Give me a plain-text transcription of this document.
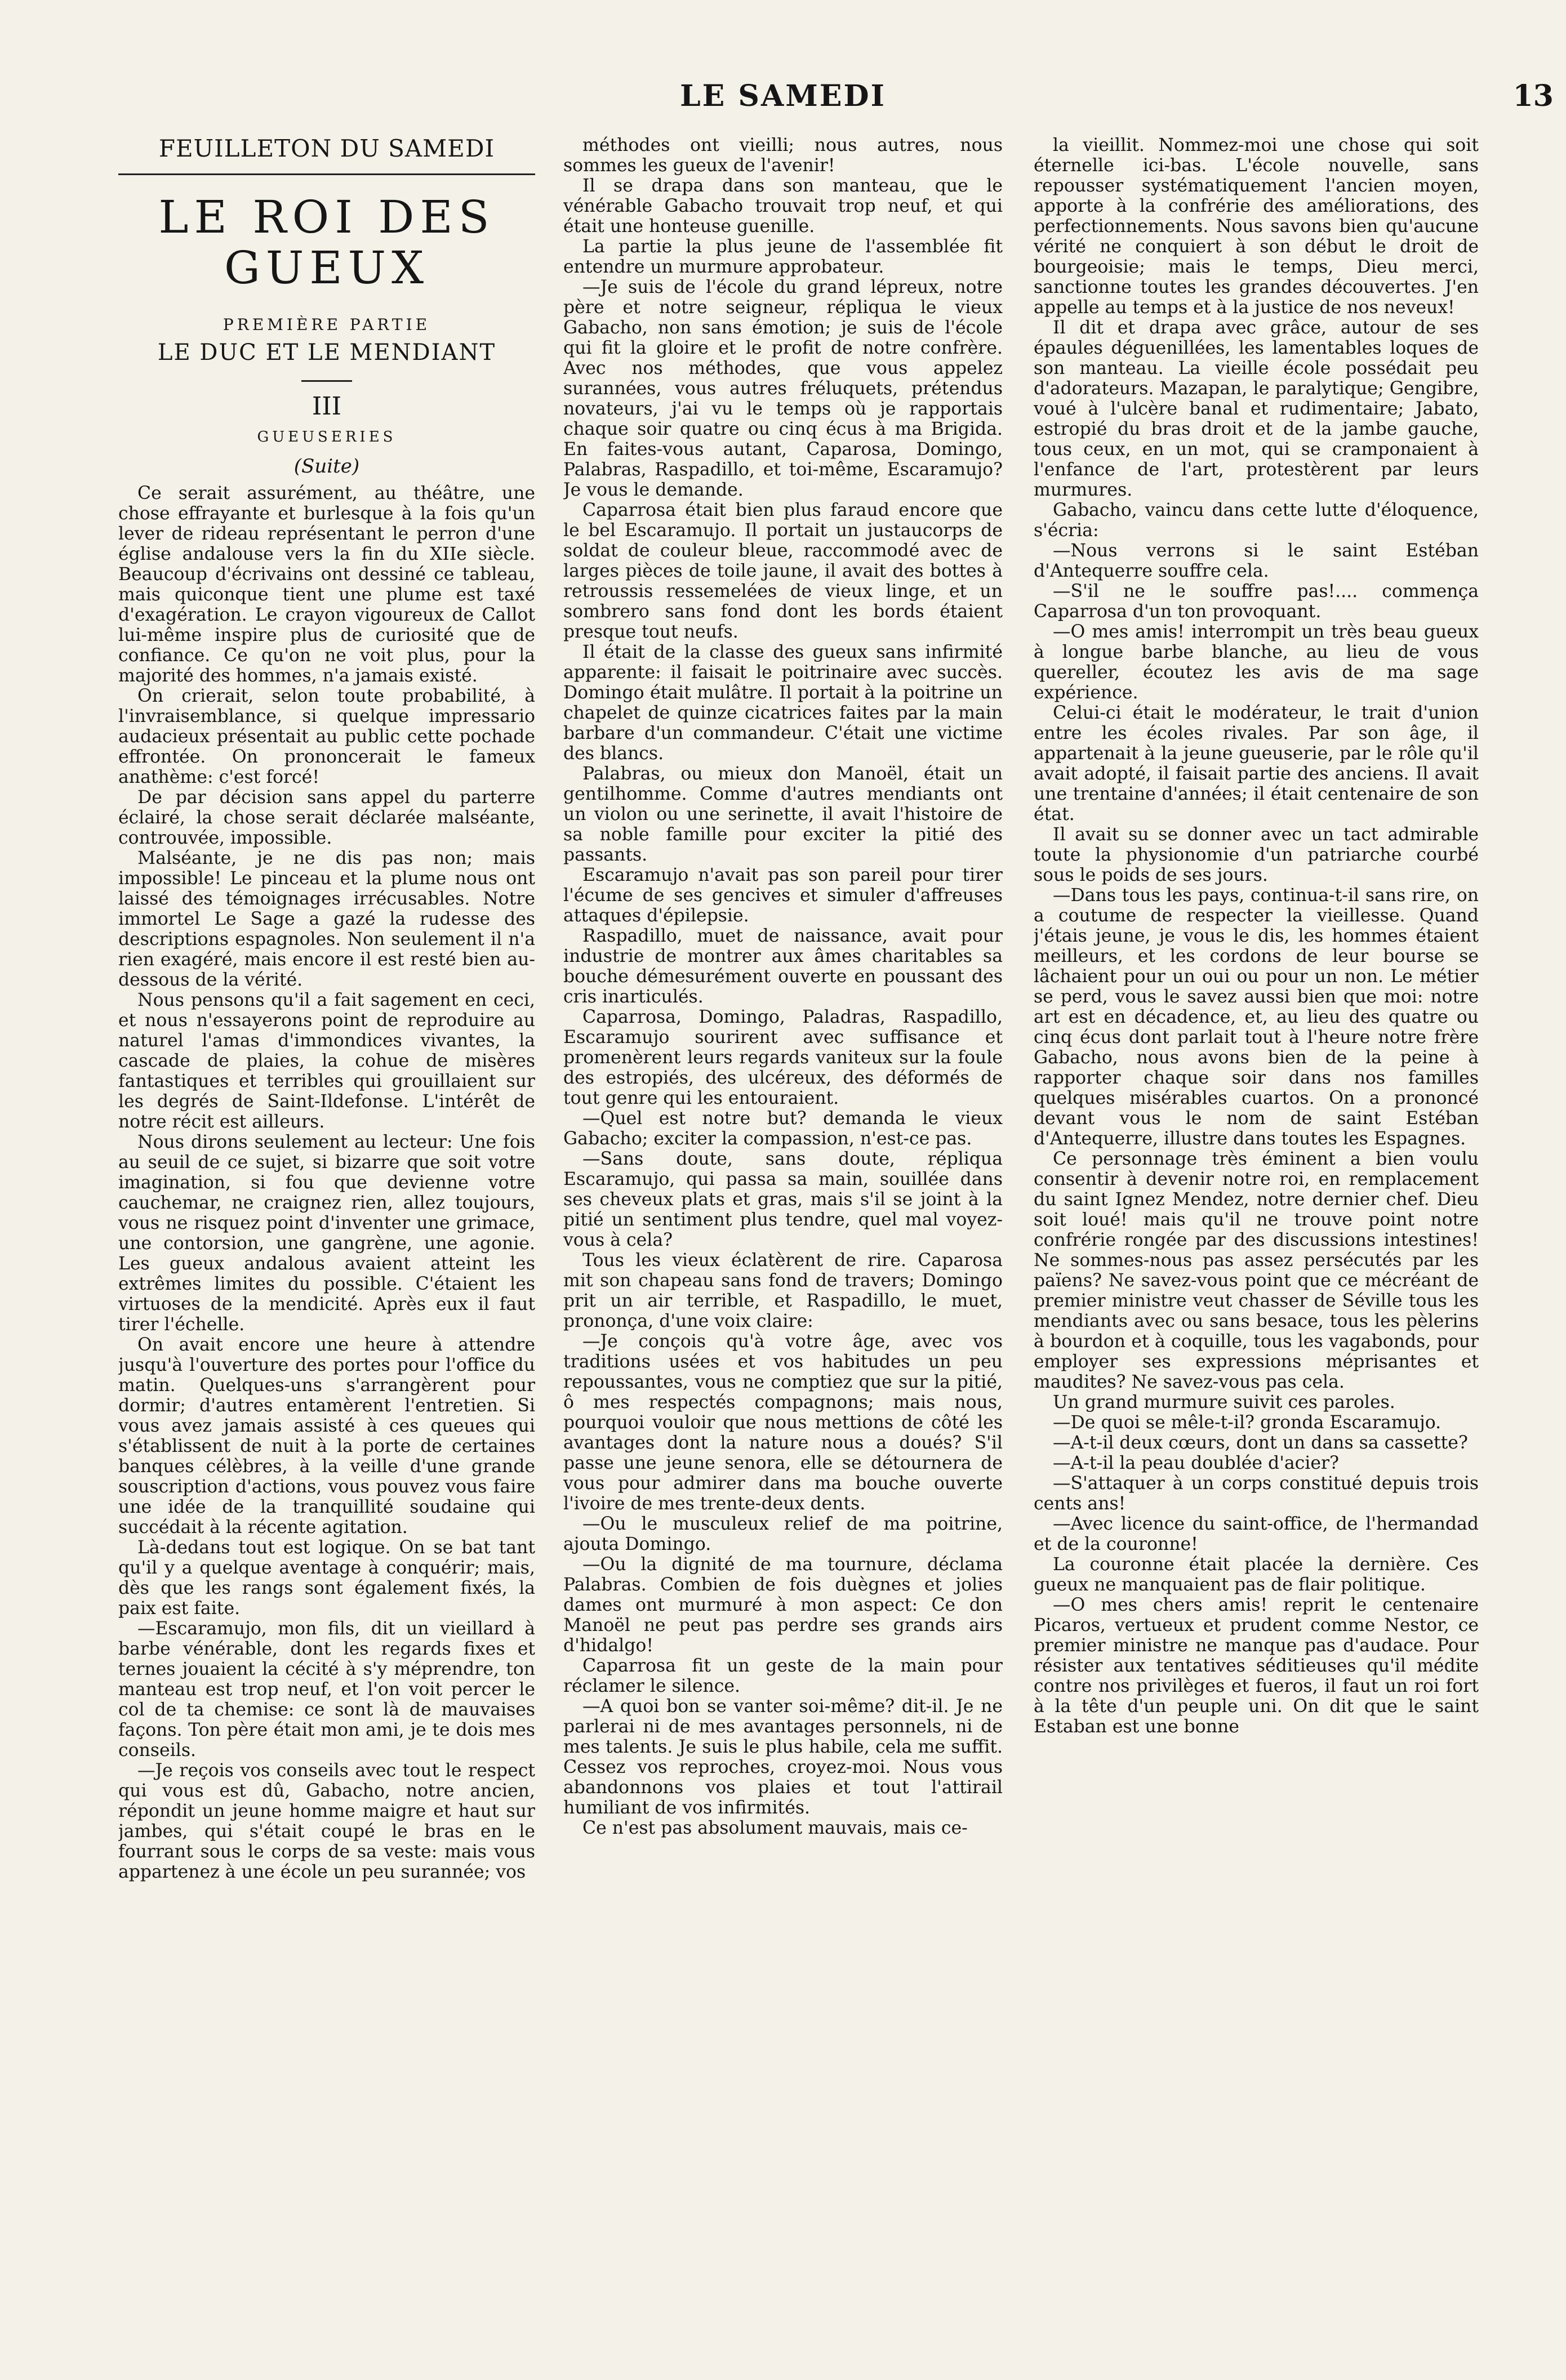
LE SAMEDI	13
FEUILLETON DU SAMEDI
LE ROI DES GUEUX
PREMIÈRE PARTIE
LE DUC ET LE MENDIANT
III
GUEUSERIES
(Suite)

Ce serait assurément, au théâtre, une chose effrayante et burlesque à la fois qu'un lever de rideau représentant le perron d'une église andalouse vers la fin du XIIe siècle. Beaucoup d'écrivains ont dessiné ce tableau, mais quiconque tient une plume est taxé d'exagération. Le crayon vigoureux de Callot lui-même inspire plus de curiosité que de confiance. Ce qu'on ne voit plus, pour la majorité des hommes, n'a jamais existé.

On crierait, selon toute probabilité, à l'invraisemblance, si quelque impressario audacieux présentait au public cette pochade effrontée. On prononcerait le fameux anathème: c'est forcé!

De par décision sans appel du parterre éclairé, la chose serait déclarée malséante, controuvée, impossible.

Malséante, je ne dis pas non; mais impossible! Le pinceau et la plume nous ont laissé des témoignages irrécusables. Notre immortel Le Sage a gazé la rudesse des descriptions espagnoles. Non seulement il n'a rien exagéré, mais encore il est resté bien au-dessous de la vérité.

Nous pensons qu'il a fait sagement en ceci, et nous n'essayerons point de reproduire au naturel l'amas d'immondices vivantes, la cascade de plaies, la cohue de misères fantastiques et terribles qui grouillaient sur les degrés de Saint-Ildefonse. L'intérêt de notre récit est ailleurs.

Nous dirons seulement au lecteur: Une fois au seuil de ce sujet, si bizarre que soit votre imagination, si fou que devienne votre cauchemar, ne craignez rien, allez toujours, vous ne risquez point d'inventer une grimace, une contorsion, une gangrène, une agonie. Les gueux andalous avaient atteint les extrêmes limites du possible. C'étaient les virtuoses de la mendicité. Après eux il faut tirer l'échelle.

On avait encore une heure à attendre jusqu'à l'ouverture des portes pour l'office du matin. Quelques-uns s'arrangèrent pour dormir; d'autres entamèrent l'entretien. Si vous avez jamais assisté à ces queues qui s'établissent de nuit à la porte de certaines banques célèbres, à la veille d'une grande souscription d'actions, vous pouvez vous faire une idée de la tranquillité soudaine qui succédait à la récente agitation.

Là-dedans tout est logique. On se bat tant qu'il y a quelque aventage à conquérir; mais, dès que les rangs sont également fixés, la paix est faite.

—Escaramujo, mon fils, dit un vieillard à barbe vénérable, dont les regards fixes et ternes jouaient la cécité à s'y méprendre, ton manteau est trop neuf, et l'on voit percer le col de ta chemise: ce sont là de mauvaises façons. Ton père était mon ami, je te dois mes conseils.

—Je reçois vos conseils avec tout le respect qui vous est dû, Gabacho, notre ancien, répondit un jeune homme maigre et haut sur jambes, qui s'était coupé le bras en le fourrant sous le corps de sa veste: mais vous appartenez à une école un peu surannée; vos

méthodes ont vieilli; nous autres, nous sommes les gueux de l'avenir!

Il se drapa dans son manteau, que le vénérable Gabacho trouvait trop neuf, et qui était une honteuse guenille.

La partie la plus jeune de l'assemblée fit entendre un murmure approbateur.

—Je suis de l'école du grand lépreux, notre père et notre seigneur, répliqua le vieux Gabacho, non sans émotion; je suis de l'école qui fit la gloire et le profit de notre confrère. Avec nos méthodes, que vous appelez surannées, vous autres fréluquets, prétendus novateurs, j'ai vu le temps où je rapportais chaque soir quatre ou cinq écus à ma Brigida. En faites-vous autant, Caparosa, Domingo, Palabras, Raspadillo, et toi-même, Escaramujo? Je vous le demande.

Caparrosa était bien plus faraud encore que le bel Escaramujo. Il portait un justaucorps de soldat de couleur bleue, raccommodé avec de larges pièces de toile jaune, il avait des bottes à retroussis ressemelées de vieux linge, et un sombrero sans fond dont les bords étaient presque tout neufs.

Il était de la classe des gueux sans infirmité apparente: il faisait le poitrinaire avec succès. Domingo était mulâtre. Il portait à la poitrine un chapelet de quinze cicatrices faites par la main barbare d'un commandeur. C'était une victime des blancs.

Palabras, ou mieux don Manoël, était un gentilhomme. Comme d'autres mendiants ont un violon ou une serinette, il avait l'histoire de sa noble famille pour exciter la pitié des passants.

Escaramujo n'avait pas son pareil pour tirer l'écume de ses gencives et simuler d'affreuses attaques d'épilepsie.

Raspadillo, muet de naissance, avait pour industrie de montrer aux âmes charitables sa bouche démesurément ouverte en poussant des cris inarticulés.

Caparrosa, Domingo, Paladras, Raspadillo, Escaramujo sourirent avec suffisance et promenèrent leurs regards vaniteux sur la foule des estropiés, des ulcéreux, des déformés de tout genre qui les entouraient.

—Quel est notre but? demanda le vieux Gabacho; exciter la compassion, n'est-ce pas.

—Sans doute, sans doute, répliqua Escaramujo, qui passa sa main, souillée dans ses cheveux plats et gras, mais s'il se joint à la pitié un sentiment plus tendre, quel mal voyez-vous à cela?

Tous les vieux éclatèrent de rire. Caparosa mit son chapeau sans fond de travers; Domingo prit un air terrible, et Raspadillo, le muet, prononça, d'une voix claire:

—Je conçois qu'à votre âge, avec vos traditions usées et vos habitudes un peu repoussantes, vous ne comptiez que sur la pitié, ô mes respectés compagnons; mais nous, pourquoi vouloir que nous mettions de côté les avantages dont la nature nous a doués? S'il passe une jeune senora, elle se détournera de vous pour admirer dans ma bouche ouverte l'ivoire de mes trente-deux dents.

—Ou le musculeux relief de ma poitrine, ajouta Domingo.

—Ou la dignité de ma tournure, déclama Palabras. Combien de fois duègnes et jolies dames ont murmuré à mon aspect: Ce don Manoël ne peut pas perdre ses grands airs d'hidalgo!

Caparrosa fit un geste de la main pour réclamer le silence.

—A quoi bon se vanter soi-même? dit-il. Je ne parlerai ni de mes avantages personnels, ni de mes talents. Je suis le plus habile, cela me suffit. Cessez vos reproches, croyez-moi. Nous vous abandonnons vos plaies et tout l'attirail humiliant de vos infirmités.

Ce n'est pas absolument mauvais, mais ce-

la vieillit. Nommez-moi une chose qui soit éternelle ici-bas. L'école nouvelle, sans repousser systématiquement l'ancien moyen, apporte à la confrérie des améliorations, des perfectionnements. Nous savons bien qu'aucune vérité ne conquiert à son début le droit de bourgeoisie; mais le temps, Dieu merci, sanctionne toutes les grandes découvertes. J'en appelle au temps et à la justice de nos neveux!

Il dit et drapa avec grâce, autour de ses épaules déguenillées, les lamentables loques de son manteau. La vieille école possédait peu d'adorateurs. Mazapan, le paralytique; Gengibre, voué à l'ulcère banal et rudimentaire; Jabato, estropié du bras droit et de la jambe gauche, tous ceux, en un mot, qui se cramponaient à l'enfance de l'art, protestèrent par leurs murmures.

Gabacho, vaincu dans cette lutte d'éloquence, s'écria:

—Nous verrons si le saint Estéban d'Antequerre souffre cela.

—S'il ne le souffre pas!.... commença Caparrosa d'un ton provoquant.

—O mes amis! interrompit un très beau gueux à longue barbe blanche, au lieu de vous quereller, écoutez les avis de ma sage expérience.

Celui-ci était le modérateur, le trait d'union entre les écoles rivales. Par son âge, il appartenait à la jeune gueuserie, par le rôle qu'il avait adopté, il faisait partie des anciens. Il avait une trentaine d'années; il était centenaire de son état.

Il avait su se donner avec un tact admirable toute la physionomie d'un patriarche courbé sous le poids de ses jours.

—Dans tous les pays, continua-t-il sans rire, on a coutume de respecter la vieillesse. Quand j'étais jeune, je vous le dis, les hommes étaient meilleurs, et les cordons de leur bourse se lâchaient pour un oui ou pour un non. Le métier se perd, vous le savez aussi bien que moi: notre art est en décadence, et, au lieu des quatre ou cinq écus dont parlait tout à l'heure notre frère Gabacho, nous avons bien de la peine à rapporter chaque soir dans nos familles quelques misérables cuartos. On a prononcé devant vous le nom de saint Estéban d'Antequerre, illustre dans toutes les Espagnes.

Ce personnage très éminent a bien voulu consentir à devenir notre roi, en remplacement du saint Ignez Mendez, notre dernier chef. Dieu soit loué! mais qu'il ne trouve point notre confrérie rongée par des discussions intestines! Ne sommes-nous pas assez persécutés par les païens? Ne savez-vous point que ce mécréant de premier ministre veut chasser de Séville tous les mendiants avec ou sans besace, tous les pèlerins à bourdon et à coquille, tous les vagabonds, pour employer ses expressions méprisantes et maudites? Ne savez-vous pas cela.

Un grand murmure suivit ces paroles.

—De quoi se mêle-t-il? gronda Escaramujo.

—A-t-il deux cœurs, dont un dans sa cassette?

—A-t-il la peau doublée d'acier?

—S'attaquer à un corps constitué depuis trois cents ans!

—Avec licence du saint-office, de l'hermandad et de la couronne!

La couronne était placée la dernière. Ces gueux ne manquaient pas de flair politique.

—O mes chers amis! reprit le centenaire Picaros, vertueux et prudent comme Nestor, ce premier ministre ne manque pas d'audace. Pour résister aux tentatives séditieuses qu'il médite contre nos privilèges et fueros, il faut un roi fort à la tête d'un peuple uni. On dit que le saint Estaban est une bonne
